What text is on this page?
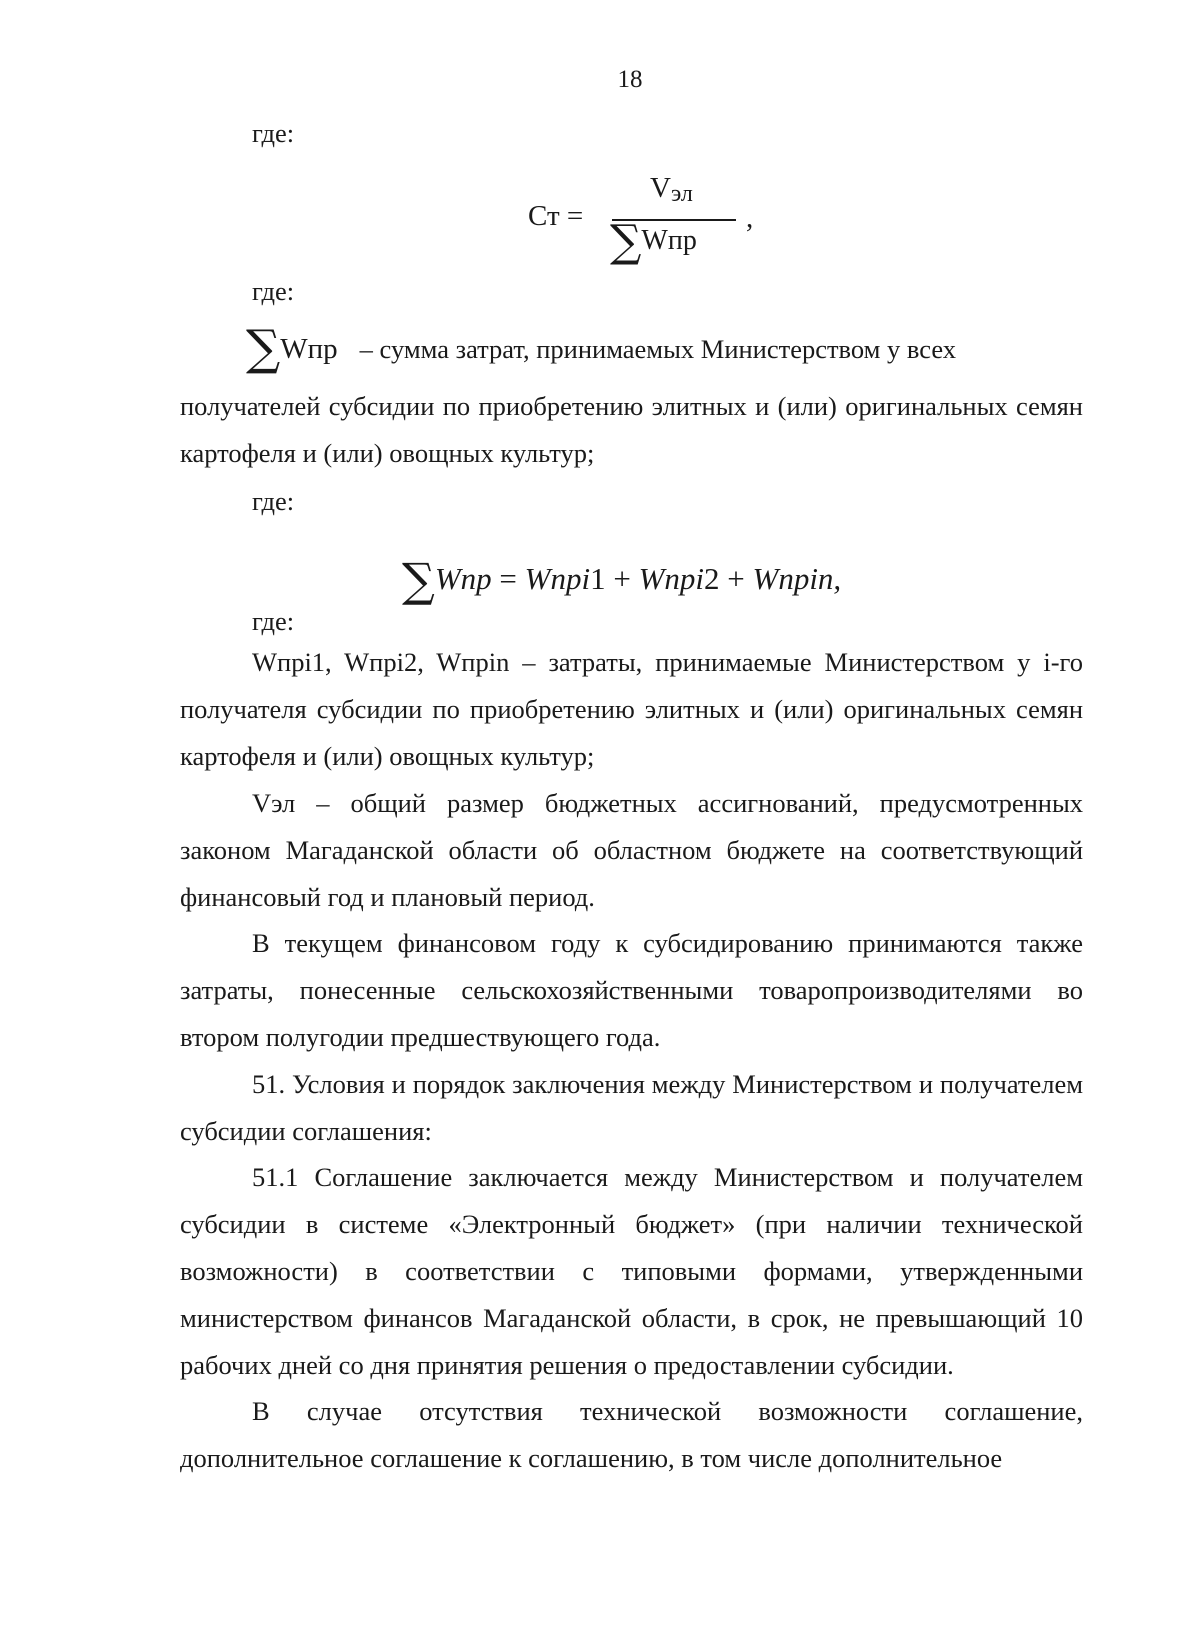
18

где:

Ст =
$V_{эл}$
∑Wпр
,

где:

∑Wпр – сумма затрат, принимаемых Министерством у всех

получателей субсидии по приобретению элитных и (или) оригинальных семян картофеля и (или) овощных культур;

где:

∑Wпр = Wпрi1 + Wпрi2 + Wпрin,

где:

Wпрi1, Wпрi2, Wпрin – затраты, принимаемые Министерством у i-го получателя субсидии по приобретению элитных и (или) оригинальных семян картофеля и (или) овощных культур;

Vэл – общий размер бюджетных ассигнований, предусмотренных законом Магаданской области об областном бюджете на соответствующий финансовый год и плановый период.

В текущем финансовом году к субсидированию принимаются также затраты, понесенные сельскохозяйственными товаропроизводителями во втором полугодии предшествующего года.

51. Условия и порядок заключения между Министерством и получателем субсидии соглашения:

51.1 Соглашение заключается между Министерством и получателем субсидии в системе «Электронный бюджет» (при наличии технической возможности) в соответствии с типовыми формами, утвержденными министерством финансов Магаданской области, в срок, не превышающий 10 рабочих дней со дня принятия решения о предоставлении субсидии.

В случае отсутствия технической возможности соглашение, дополнительное соглашение к соглашению, в том числе дополнительное
